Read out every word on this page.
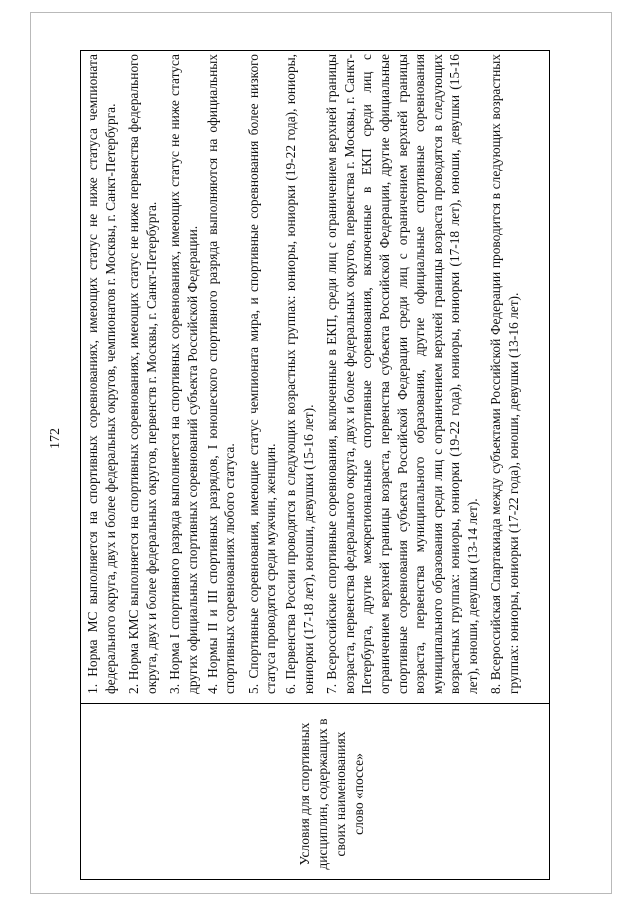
172
Условия для спортивных дисциплин, содержащих в своих наименованиях слово «поссе»

1. Норма МС выполняется на спортивных соревнованиях, имеющих статус не ниже статуса чемпионата федерального округа, двух и более федеральных округов, чемпионатов г. Москвы, г. Санкт-Петербурга. 2. Норма КМС выполняется на спортивных соревнованиях, имеющих статус не ниже первенства федерального округа, двух и более федеральных округов, первенств г. Москвы, г. Санкт-Петербурга. 3. Норма I спортивного разряда выполняется на спортивных соревнованиях, имеющих статус не ниже статуса других официальных спортивных соревнований субъекта Российской Федерации. 4. Нормы II и III спортивных разрядов, I юношеского спортивного разряда выполняются на официальных спортивных соревнованиях любого статуса. 5. Спортивные соревнования, имеющие статус чемпионата мира, и спортивные соревнования более низкого статуса проводятся среди мужчин, женщин. 6. Первенства России проводятся в следующих возрастных группах: юниоры, юниорки (19-22 года), юниоры, юниорки (17-18 лет), юноши, девушки (15-16 лет). 7. Всероссийские спортивные соревнования, включенные в ЕКП, среди лиц с ограничением верхней границы возраста, первенства федерального округа, двух и более федеральных округов, первенства г. Москвы, г. Санкт-Петербурга, другие межрегиональные спортивные соревнования, включенные в ЕКП среди лиц с ограничением верхней границы возраста, первенства субъекта Российской Федерации, другие официальные спортивные соревнования субъекта Российской Федерации среди лиц с ограничением верхней границы возраста, первенства муниципального образования, другие официальные спортивные соревнования муниципального образования среди лиц с ограничением верхней границы возраста проводятся в следующих возрастных группах: юниоры, юниорки (19-22 года), юниоры, юниорки (17-18 лет), юноши, девушки (15-16 лет), юноши, девушки (13-14 лет). 8. Всероссийская Спартакиада между субъектами Российской Федерации проводится в следующих возрастных группах: юниоры, юниорки (17-22 года), юноши, девушки (13-16 лет).
